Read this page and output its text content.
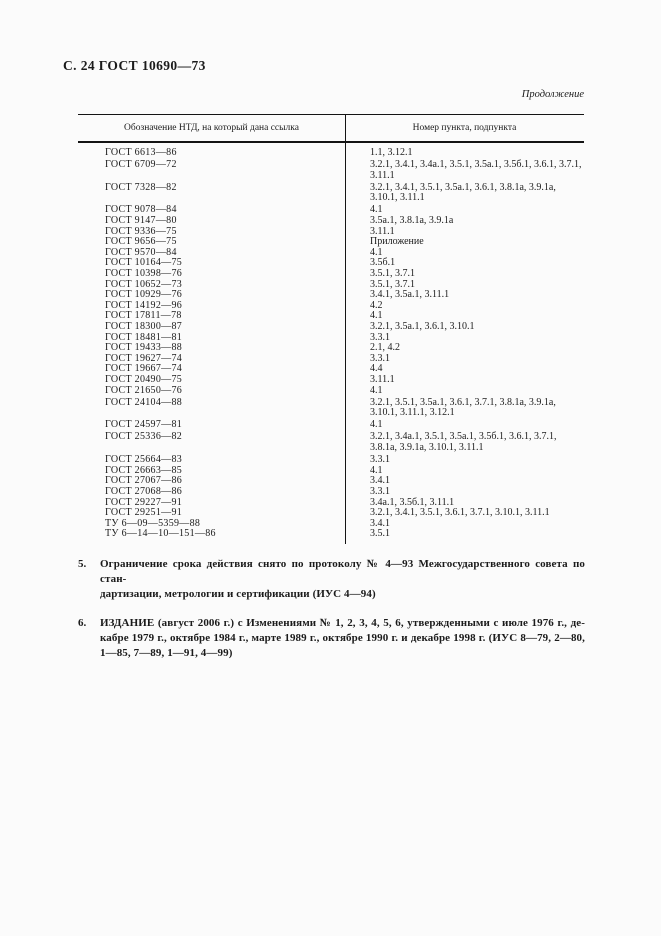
С. 24 ГОСТ 10690—73
Продолжение
Обозначение НТД, на который дана ссылка	Номер пункта, подпункта
ГОСТ 6613—86	1.1, 3.12.1
ГОСТ 6709—72	3.2.1, 3.4.1, 3.4а.1, 3.5.1, 3.5а.1, 3.5б.1, 3.6.1, 3.7.1,
3.11.1
ГОСТ 7328—82	3.2.1, 3.4.1, 3.5.1, 3.5а.1, 3.6.1, 3.8.1а, 3.9.1а,
3.10.1, 3.11.1
ГОСТ 9078—84	4.1
ГОСТ 9147—80	3.5а.1, 3.8.1а, 3.9.1а
ГОСТ 9336—75	3.11.1
ГОСТ 9656—75	Приложение
ГОСТ 9570—84	4.1
ГОСТ 10164—75	3.5б.1
ГОСТ 10398—76	3.5.1, 3.7.1
ГОСТ 10652—73	3.5.1, 3.7.1
ГОСТ 10929—76	3.4.1, 3.5а.1, 3.11.1
ГОСТ 14192—96	4.2
ГОСТ 17811—78	4.1
ГОСТ 18300—87	3.2.1, 3.5а.1, 3.6.1, 3.10.1
ГОСТ 18481—81	3.3.1
ГОСТ 19433—88	2.1, 4.2
ГОСТ 19627—74	3.3.1
ГОСТ 19667—74	4.4
ГОСТ 20490—75	3.11.1
ГОСТ 21650—76	4.1
ГОСТ 24104—88	3.2.1, 3.5.1, 3.5а.1, 3.6.1, 3.7.1, 3.8.1а, 3.9.1а,
3.10.1, 3.11.1, 3.12.1
ГОСТ 24597—81	4.1
ГОСТ 25336—82	3.2.1, 3.4а.1, 3.5.1, 3.5а.1, 3.5б.1, 3.6.1, 3.7.1,
3.8.1а, 3.9.1а, 3.10.1, 3.11.1
ГОСТ 25664—83	3.3.1
ГОСТ 26663—85	4.1
ГОСТ 27067—86	3.4.1
ГОСТ 27068—86	3.3.1
ГОСТ 29227—91	3.4а.1, 3.5б.1, 3.11.1
ГОСТ 29251—91	3.2.1, 3.4.1, 3.5.1, 3.6.1, 3.7.1, 3.10.1, 3.11.1
ТУ 6—09—5359—88	3.4.1
ТУ 6—14—10—151—86	3.5.1
5.	Ограничение срока действия снято по протоколу № 4—93 Межгосударственного совета по стан-
дартизации, метрологии и сертификации (ИУС 4—94)
6.	ИЗДАНИЕ (август 2006 г.) с Изменениями № 1, 2, 3, 4, 5, 6, утвержденными с июле 1976 г., де-
кабре 1979 г., октябре 1984 г., марте 1989 г., октябре 1990 г. и декабре 1998 г. (ИУС 8—79, 2—80,
1—85, 7—89, 1—91, 4—99)
